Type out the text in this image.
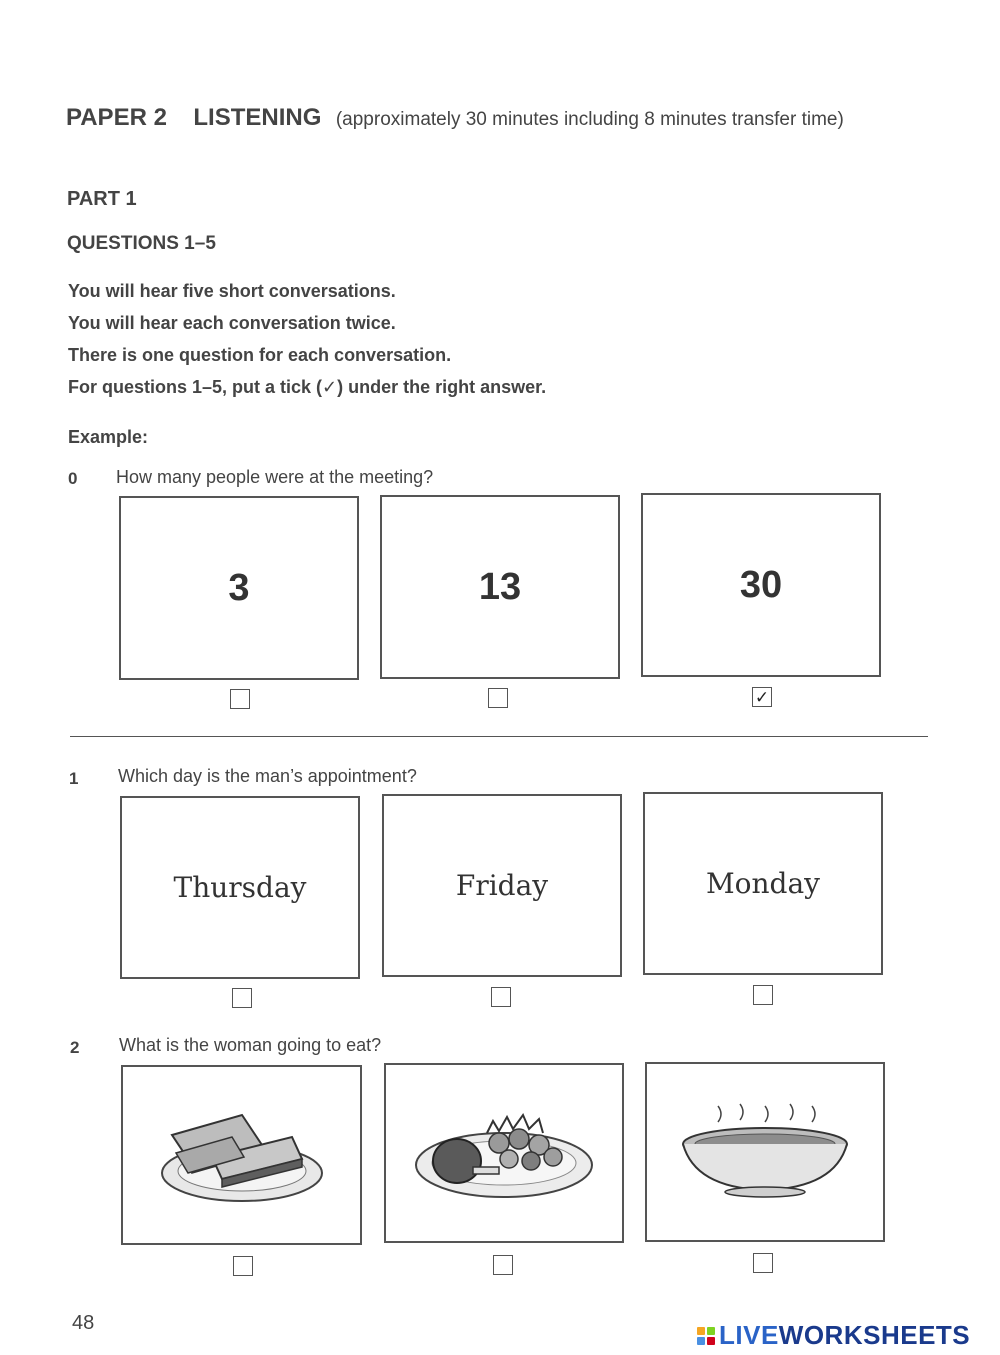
PAPER 2 LISTENING (approximately 30 minutes including 8 minutes transfer time)
PART 1
QUESTIONS 1–5
You will hear five short conversations.
You will hear each conversation twice.
There is one question for each conversation.
For questions 1–5, put a tick (✓) under the right answer.
Example:
0 How many people were at the meeting?
3	13	30
✓
1 Which day is the man’s appointment?
Thursday	Friday	Monday
2 What is the woman going to eat?
48	LIVEWORKSHEETS
